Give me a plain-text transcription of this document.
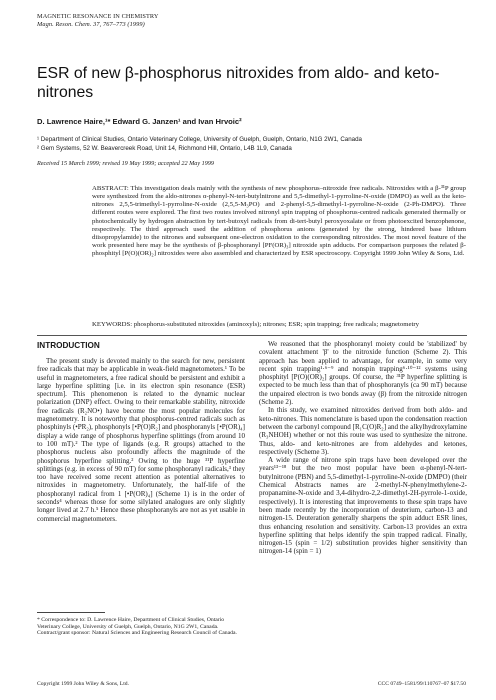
MAGNETIC RESONANCE IN CHEMISTRY
Magn. Reson. Chem. 37, 767–773 (1999)
ESR of new β-phosphorus nitroxides from aldo- and keto-nitrones
D. Lawrence Haire,¹* Edward G. Janzen¹ and Ivan Hrvoic²
¹ Department of Clinical Studies, Ontario Veterinary College, University of Guelph, Guelph, Ontario, N1G 2W1, Canada
² Gem Systems, 52 W. Beavercreek Road, Unit 14, Richmond Hill, Ontario, L4B 1L9, Canada
Received 15 March 1999; revised 19 May 1999; accepted 22 May 1999
ABSTRACT: This investigation deals mainly with the synthesis of new phosphorus–nitroxide free radicals. Nitroxides with a β-³¹P group were synthesized from the aldo-nitrones α-phenyl-N-tert-butylnitrone and 5,5-dimethyl-1-pyrroline-N-oxide (DMPO) as well as the keto-nitrones 2,5,5-trimethyl-1-pyrroline-N-oxide (2,5,5-M₃PO) and 2-phenyl-5,5-dimethyl-1-pyrroline-N-oxide (2-Ph-DMPO). Three different routes were explored. The first two routes involved nitronyl spin trapping of phosphorus-centred radicals generated thermally or photochemically by hydrogen abstraction by tert-butoxyl radicals from di-tert-butyl peroxyoxalate or from photoexcited benzophenone, respectively. The third approach used the addition of phosphorus anions (generated by the strong, hindered base lithium diisopropylamide) to the nitrones and subsequent one-electron oxidation to the corresponding nitroxides. The most novel feature of the work presented here may be the synthesis of β-phosphoranyl [PF(OR)₃] nitroxide spin adducts. For comparison purposes the related β-phosphityl [P(O)(OR)₂] nitroxides were also assembled and characterized by ESR spectroscopy. Copyright 1999 John Wiley & Sons, Ltd.
KEYWORDS: phosphorus-substituted nitroxides (aminoxyls); nitrones; ESR; spin trapping; free radicals; magnetometry
INTRODUCTION

The present study is devoted mainly to the search for new, persistent free radicals that may be applicable in weak-field magnetometers.¹ To be useful in magnetometers, a free radical should be persistent and exhibit a large hyperfine splitting [i.e. in its electron spin resonance (ESR) spectrum]. This phenomenon is related to the dynamic nuclear polarization (DNP) effect. Owing to their remarkable stability, nitroxide free radicals (R₂NO•) have become the most popular molecules for magnetometry. It is noteworthy that phosphorus-centred radicals such as phosphinyls (•PR₂), phosphonyls [•P(O)R₂] and phosphoranyls [•P(OR)₄] display a wide range of phosphorus hyperfine splittings (from around 10 to 100 mT).² The type of ligands (e.g. R groups) attached to the phosphorus nucleus also profoundly affects the magnitude of the phosphorus hyperfine splitting.² Owing to the huge ³¹P hyperfine splittings (e.g. in excess of 90 mT) for some phosphoranyl radicals,³ they too have received some recent attention as potential alternatives to nitroxides in magnetometry. Unfortunately, the half-life of the phosphoranyl radical from 1 [•P(OR)₄] (Scheme 1) is in the order of seconds⁴ whereas those for some silylated analogues are only slightly longer lived at 2.7 h.⁵ Hence these phosphoranyls are not as yet usable in commercial magnetometers.

* Correspondence to: D. Lawrence Haire, Department of Clinical Studies, Ontario Veterinary College, University of Guelph, Guelph, Ontario, N1G 2W1, Canada.

Contract/grant sponsor: Natural Sciences and Engineering Research Council of Canada.

We reasoned that the phosphoranyl moiety could be 'stabilized' by covalent attachment 'β' to the nitroxide function (Scheme 2). This approach has been applied to advantage, for example, in some very recent spin trapping¹·⁶⁻⁹ and nonspin trapping⁶·¹⁰⁻¹² systems using phosphityl [P(O)(OR)₂] groups. Of course, the ³¹P hyperfine splitting is expected to be much less than that of phosphoranyls (ca 90 mT) because the unpaired electron is two bonds away (β) from the nitroxide nitrogen (Scheme 2).

In this study, we examined nitroxides derived from both aldo- and keto-nitrones. This nomenclature is based upon the condensation reaction between the carbonyl compound [R₁C(O)R₂] and the alkylhydroxylamine (R₃NHOH) whether or not this route was used to synthesize the nitrone. Thus, aldo- and keto-nitrones are from aldehydes and ketones, respectively (Scheme 3).

A wide range of nitrone spin traps have been developed over the years¹³⁻¹⁸ but the two most popular have been α-phenyl-N-tert-butylnitrone (PBN) and 5,5-dimethyl-1-pyrroline-N-oxide (DMPO) (their Chemical Abstracts names are 2-methyl-N-phenylmethylene-2-propanamine-N-oxide and 3,4-dihydro-2,2-dimethyl-2H-pyrrole-1-oxide, respectively). It is interesting that improvements to these spin traps have been made recently by the incorporation of deuterium, carbon-13 and nitrogen-15. Deuteration generally sharpens the spin adduct ESR lines, thus enhancing resolution and sensitivity. Carbon-13 provides an extra hyperfine splitting that helps identify the spin trapped radical. Finally, nitrogen-15 (spin = 1/2) substitution provides higher sensitivity than nitrogen-14 (spin = 1)

Copyright 1999 John Wiley & Sons, Ltd.	CCC 0749–1581/99/110767–07 $17.50
